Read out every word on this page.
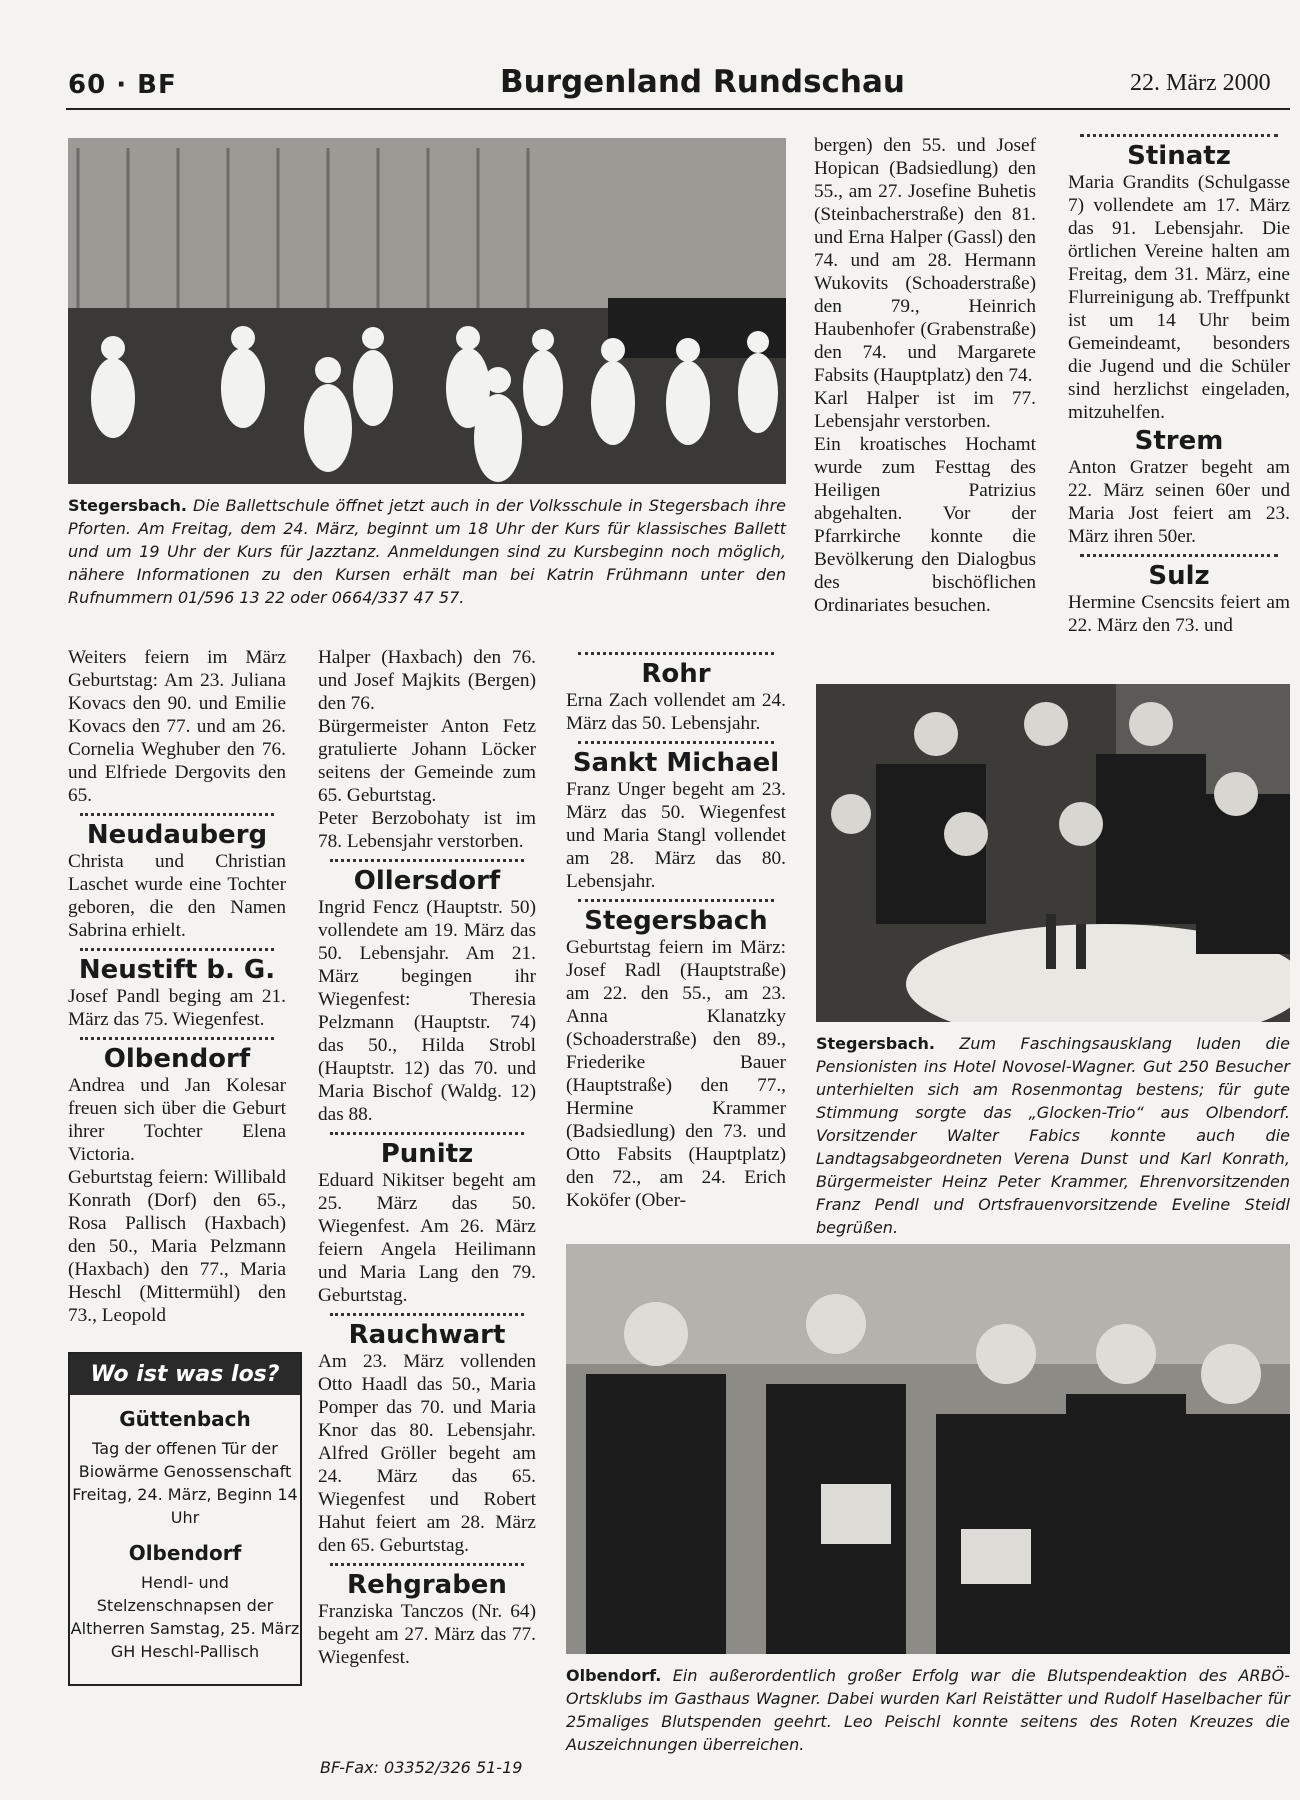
60 · BF	Burgenland Rundschau	22. März 2000
Stegersbach. Die Ballettschule öffnet jetzt auch in der Volksschule in Stegersbach ihre Pforten. Am Freitag, dem 24. März, beginnt um 18 Uhr der Kurs für klassisches Ballett und um 19 Uhr der Kurs für Jazztanz. Anmeldungen sind zu Kursbeginn noch möglich, nähere Informationen zu den Kursen erhält man bei Katrin Frühmann unter den Rufnummern 01/596 13 22 oder 0664/337 47 57.

Weiters feiern im März Geburtstag: Am 23. Juliana Kovacs den 90. und Emilie Kovacs den 77. und am 26. Cornelia Weghuber den 76. und Elfriede Dergovits den 65.

Neudauberg

Christa und Christian Laschet wurde eine Tochter geboren, die den Namen Sabrina erhielt.

Neustift b. G.

Josef Pandl beging am 21. März das 75. Wiegenfest.

Olbendorf

Andrea und Jan Kolesar freuen sich über die Geburt ihrer Tochter Elena Victoria.

Geburtstag feiern: Willibald Konrath (Dorf) den 65., Rosa Pallisch (Haxbach) den 50., Maria Pelzmann (Haxbach) den 77., Maria Heschl (Mittermühl) den 73., Leopold

Wo ist was los?
Güttenbach
Tag der offenen Tür der Biowärme Genossenschaft Freitag, 24. März, Beginn 14 Uhr
Olbendorf
Hendl- und Stelzenschnapsen der Altherren Samstag, 25. März GH Heschl-Pallisch

Halper (Haxbach) den 76. und Josef Majkits (Bergen) den 76.

Bürgermeister Anton Fetz gratulierte Johann Löcker seitens der Gemeinde zum 65. Geburtstag.

Peter Berzobohaty ist im 78. Lebensjahr verstorben.

Ollersdorf

Ingrid Fencz (Hauptstr. 50) vollendete am 19. März das 50. Lebensjahr. Am 21. März begingen ihr Wiegenfest: Theresia Pelzmann (Hauptstr. 74) das 50., Hilda Strobl (Hauptstr. 12) das 70. und Maria Bischof (Waldg. 12) das 88.

Punitz

Eduard Nikitser begeht am 25. März das 50. Wiegenfest. Am 26. März feiern Angela Heilimann und Maria Lang den 79. Geburtstag.

Rauchwart

Am 23. März vollenden Otto Haadl das 50., Maria Pomper das 70. und Maria Knor das 80. Lebensjahr. Alfred Gröller begeht am 24. März das 65. Wiegenfest und Robert Hahut feiert am 28. März den 65. Geburtstag.

Rehgraben

Franziska Tanczos (Nr. 64) begeht am 27. März das 77. Wiegenfest.

BF-Fax: 03352/326 51-19
Rohr

Erna Zach vollendet am 24. März das 50. Lebensjahr.

Sankt Michael

Franz Unger begeht am 23. März das 50. Wiegenfest und Maria Stangl vollendet am 28. März das 80. Lebensjahr.

Stegersbach

Geburtstag feiern im März: Josef Radl (Hauptstraße) am 22. den 55., am 23. Anna Klanatzky (Schoaderstraße) den 89., Friederike Bauer (Hauptstraße) den 77., Hermine Krammer (Badsiedlung) den 73. und Otto Fabsits (Hauptplatz) den 72., am 24. Erich Koköfer (Ober-

bergen) den 55. und Josef Hopican (Badsiedlung) den 55., am 27. Josefine Buhetis (Steinbacherstraße) den 81. und Erna Halper (Gassl) den 74. und am 28. Hermann Wukovits (Schoaderstraße) den 79., Heinrich Haubenhofer (Grabenstraße) den 74. und Margarete Fabsits (Hauptplatz) den 74.

Karl Halper ist im 77. Lebensjahr verstorben.

Ein kroatisches Hochamt wurde zum Festtag des Heiligen Patrizius abgehalten. Vor der Pfarrkirche konnte die Bevölkerung den Dialogbus des bischöflichen Ordinariates besuchen.

Stinatz

Maria Grandits (Schulgasse 7) vollendete am 17. März das 91. Lebensjahr. Die örtlichen Vereine halten am Freitag, dem 31. März, eine Flurreinigung ab. Treffpunkt ist um 14 Uhr beim Gemeindeamt, besonders die Jugend und die Schüler sind herzlichst eingeladen, mitzuhelfen.

Strem

Anton Gratzer begeht am 22. März seinen 60er und Maria Jost feiert am 23. März ihren 50er.

Sulz

Hermine Csencsits feiert am 22. März den 73. und

Stegersbach. Zum Faschingsausklang luden die Pensionisten ins Hotel Novosel-Wagner. Gut 250 Besucher unterhielten sich am Rosenmontag bestens; für gute Stimmung sorgte das „Glocken-Trio“ aus Olbendorf. Vorsitzender Walter Fabics konnte auch die Landtagsabgeordneten Verena Dunst und Karl Konrath, Bürgermeister Heinz Peter Krammer, Ehrenvorsitzenden Franz Pendl und Ortsfrauenvorsitzende Eveline Steidl begrüßen.
Olbendorf. Ein außerordentlich großer Erfolg war die Blutspendeaktion des ARBÖ-Ortsklubs im Gasthaus Wagner. Dabei wurden Karl Reistätter und Rudolf Haselbacher für 25maliges Blutspenden geehrt. Leo Peischl konnte seitens des Roten Kreuzes die Auszeichnungen überreichen.
